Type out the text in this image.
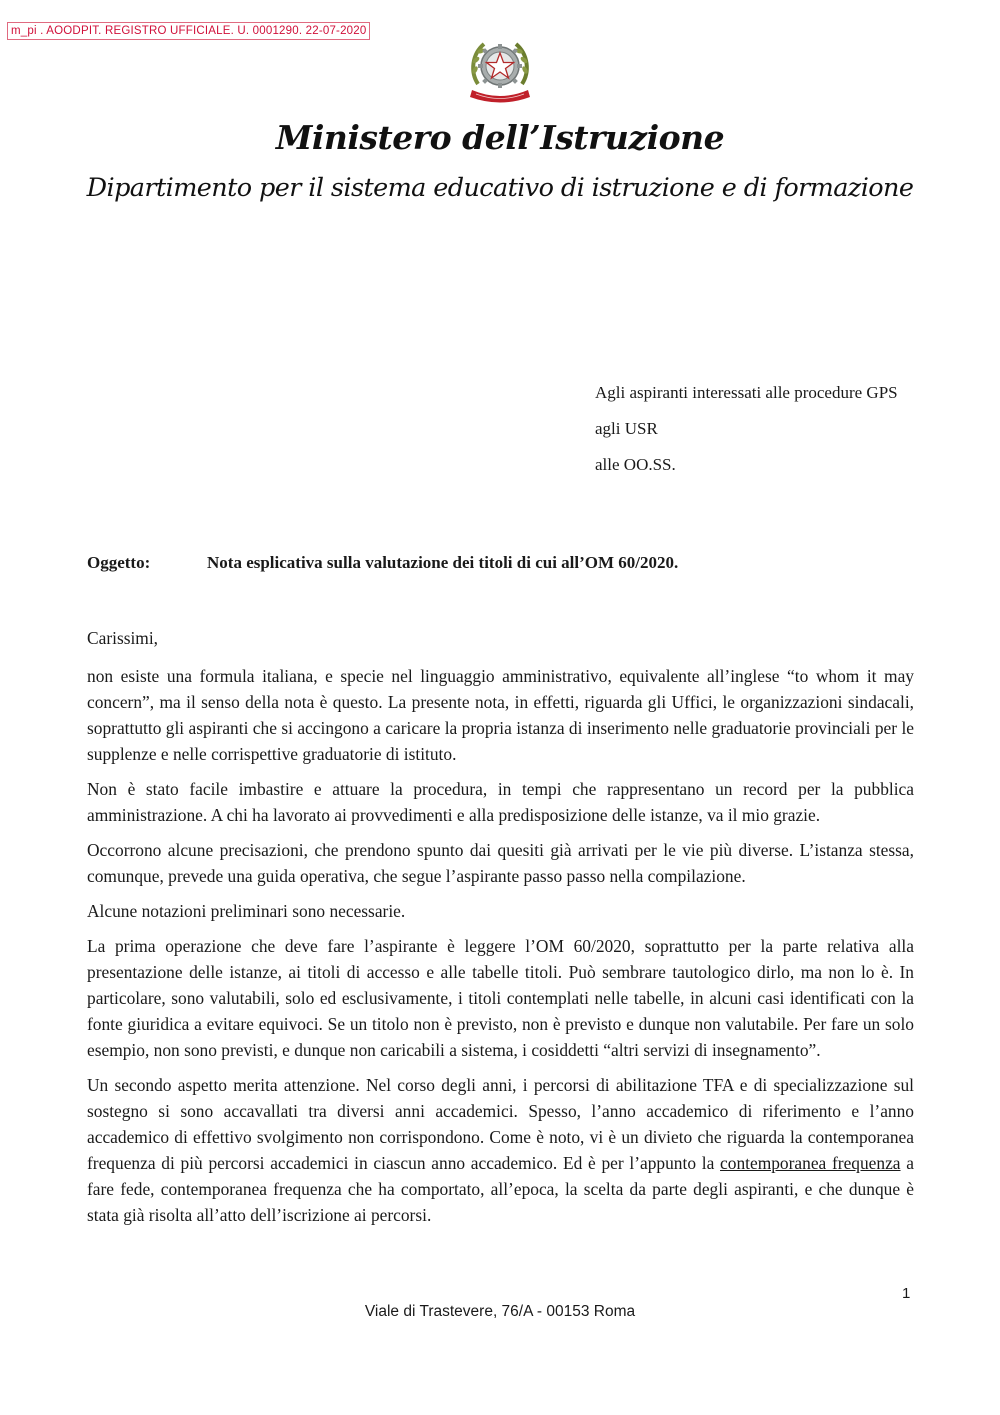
m_pi . AOODPIT. REGISTRO UFFICIALE. U. 0001290. 22-07-2020
Ministero dell’Istruzione
Dipartimento per il sistema educativo di istruzione e di formazione

Agli aspiranti interessati alle procedure GPS

agli USR

alle OO.SS.

Oggetto:	Nota esplicativa sulla valutazione dei titoli di cui all’OM 60/2020.

Carissimi,

non esiste una formula italiana, e specie nel linguaggio amministrativo, equivalente all’inglese “to whom it may concern”, ma il senso della nota è questo. La presente nota, in effetti, riguarda gli Uffici, le organizzazioni sindacali, soprattutto gli aspiranti che si accingono a caricare la propria istanza di inserimento nelle graduatorie provinciali per le supplenze e nelle corrispettive graduatorie di istituto.

Non è stato facile imbastire e attuare la procedura, in tempi che rappresentano un record per la pubblica amministrazione. A chi ha lavorato ai provvedimenti e alla predisposizione delle istanze, va il mio grazie.

Occorrono alcune precisazioni, che prendono spunto dai quesiti già arrivati per le vie più diverse. L’istanza stessa, comunque, prevede una guida operativa, che segue l’aspirante passo passo nella compilazione.

Alcune notazioni preliminari sono necessarie.

La prima operazione che deve fare l’aspirante è leggere l’OM 60/2020, soprattutto per la parte relativa alla presentazione delle istanze, ai titoli di accesso e alle tabelle titoli. Può sembrare tautologico dirlo, ma non lo è. In particolare, sono valutabili, solo ed esclusivamente, i titoli contemplati nelle tabelle, in alcuni casi identificati con la fonte giuridica a evitare equivoci. Se un titolo non è previsto, non è previsto e dunque non valutabile. Per fare un solo esempio, non sono previsti, e dunque non caricabili a sistema, i cosiddetti “altri servizi di insegnamento”.

Un secondo aspetto merita attenzione. Nel corso degli anni, i percorsi di abilitazione TFA e di specializzazione sul sostegno si sono accavallati tra diversi anni accademici. Spesso, l’anno accademico di riferimento e l’anno accademico di effettivo svolgimento non corrispondono. Come è noto, vi è un divieto che riguarda la contemporanea frequenza di più percorsi accademici in ciascun anno accademico. Ed è per l’appunto la contemporanea frequenza a fare fede, contemporanea frequenza che ha comportato, all’epoca, la scelta da parte degli aspiranti, e che dunque è stata già risolta all’atto dell’iscrizione ai percorsi.

1
Viale di Trastevere, 76/A - 00153 Roma
